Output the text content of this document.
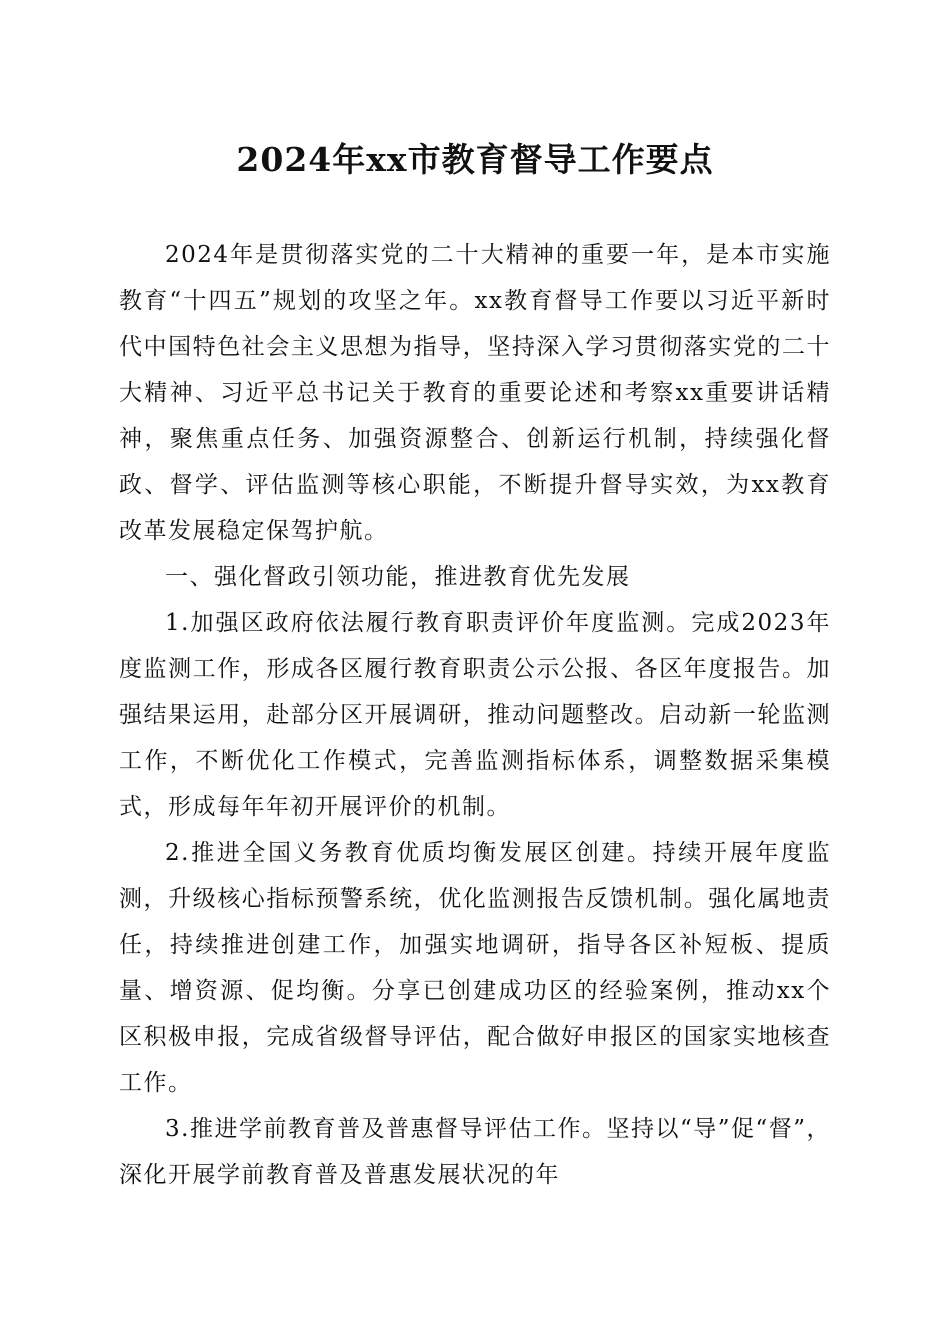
2024年xx市教育督导工作要点

2024年是贯彻落实党的二十大精神的重要一年，是本市实施教育“十四五”规划的攻坚之年。xx教育督导工作要以习近平新时代中国特色社会主义思想为指导，坚持深入学习贯彻落实党的二十大精神、习近平总书记关于教育的重要论述和考察xx重要讲话精神，聚焦重点任务、加强资源整合、创新运行机制，持续强化督政、督学、评估监测等核心职能，不断提升督导实效，为xx教育改革发展稳定保驾护航。

一、强化督政引领功能，推进教育优先发展

1.加强区政府依法履行教育职责评价年度监测。完成2023年度监测工作，形成各区履行教育职责公示公报、各区年度报告。加强结果运用，赴部分区开展调研，推动问题整改。启动新一轮监测工作，不断优化工作模式，完善监测指标体系，调整数据采集模式，形成每年年初开展评价的机制。

2.推进全国义务教育优质均衡发展区创建。持续开展年度监测，升级核心指标预警系统，优化监测报告反馈机制。强化属地责任，持续推进创建工作，加强实地调研，指导各区补短板、提质量、增资源、促均衡。分享已创建成功区的经验案例，推动xx个区积极申报，完成省级督导评估，配合做好申报区的国家实地核查工作。

3.推进学前教育普及普惠督导评估工作。坚持以“导”促“督”，深化开展学前教育普及普惠发展状况的年
